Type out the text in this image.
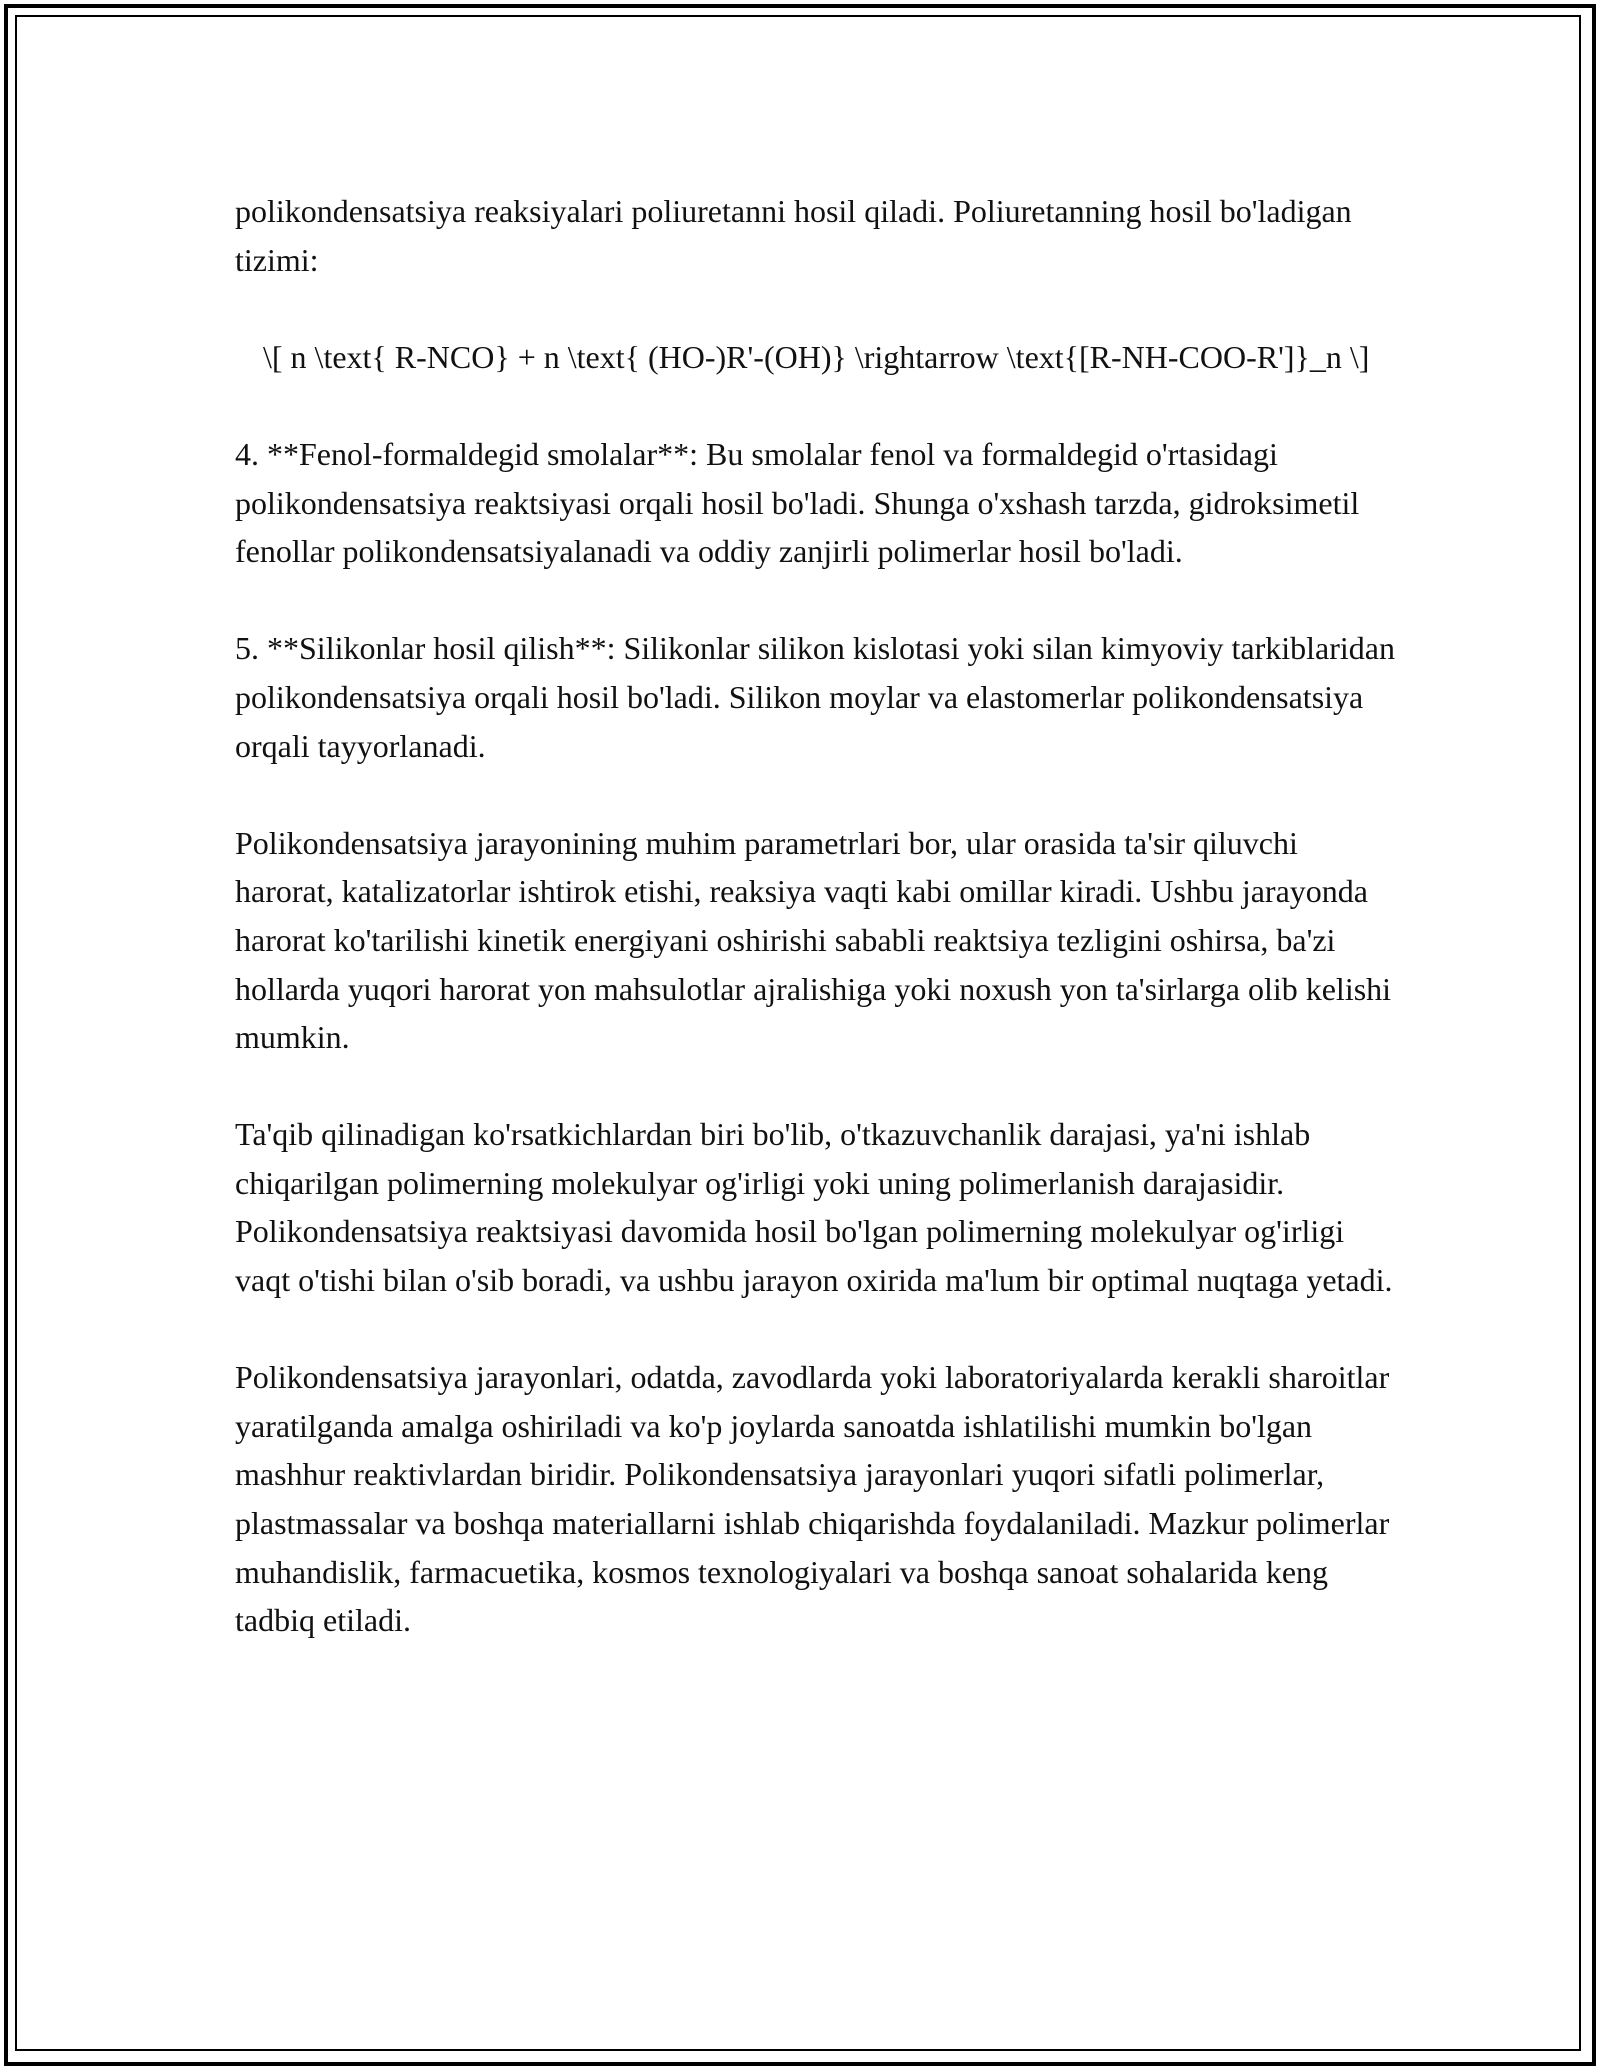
polikondensatsiya reaksiyalari poliuretanni hosil qiladi. Poliuretanning hosil bo'ladigan tizimi:

\[ n \text{ R-NCO} + n \text{ (HO-)R'-(OH)} \rightarrow \text{[R-NH-COO-R']}_n \]

4. **Fenol-formaldegid smolalar**: Bu smolalar fenol va formaldegid o'rtasidagi polikondensatsiya reaktsiyasi orqali hosil bo'ladi. Shunga o'xshash tarzda, gidroksimetil fenollar polikondensatsiyalanadi va oddiy zanjirli polimerlar hosil bo'ladi.

5. **Silikonlar hosil qilish**: Silikonlar silikon kislotasi yoki silan kimyoviy tarkiblaridan polikondensatsiya orqali hosil bo'ladi. Silikon moylar va elastomerlar polikondensatsiya orqali tayyorlanadi.

Polikondensatsiya jarayonining muhim parametrlari bor, ular orasida ta'sir qiluvchi harorat, katalizatorlar ishtirok etishi, reaksiya vaqti kabi omillar kiradi. Ushbu jarayonda harorat ko'tarilishi kinetik energiyani oshirishi sababli reaktsiya tezligini oshirsa, ba'zi hollarda yuqori harorat yon mahsulotlar ajralishiga yoki noxush yon ta'sirlarga olib kelishi mumkin.

Ta'qib qilinadigan ko'rsatkichlardan biri bo'lib, o'tkazuvchanlik darajasi, ya'ni ishlab chiqarilgan polimerning molekulyar og'irligi yoki uning polimerlanish darajasidir. Polikondensatsiya reaktsiyasi davomida hosil bo'lgan polimerning molekulyar og'irligi vaqt o'tishi bilan o'sib boradi, va ushbu jarayon oxirida ma'lum bir optimal nuqtaga yetadi.

Polikondensatsiya jarayonlari, odatda, zavodlarda yoki laboratoriyalarda kerakli sharoitlar yaratilganda amalga oshiriladi va ko'p joylarda sanoatda ishlatilishi mumkin bo'lgan mashhur reaktivlardan biridir. Polikondensatsiya jarayonlari yuqori sifatli polimerlar, plastmassalar va boshqa materiallarni ishlab chiqarishda foydalaniladi. Mazkur polimerlar muhandislik, farmacuetika, kosmos texnologiyalari va boshqa sanoat sohalarida keng tadbiq etiladi.
